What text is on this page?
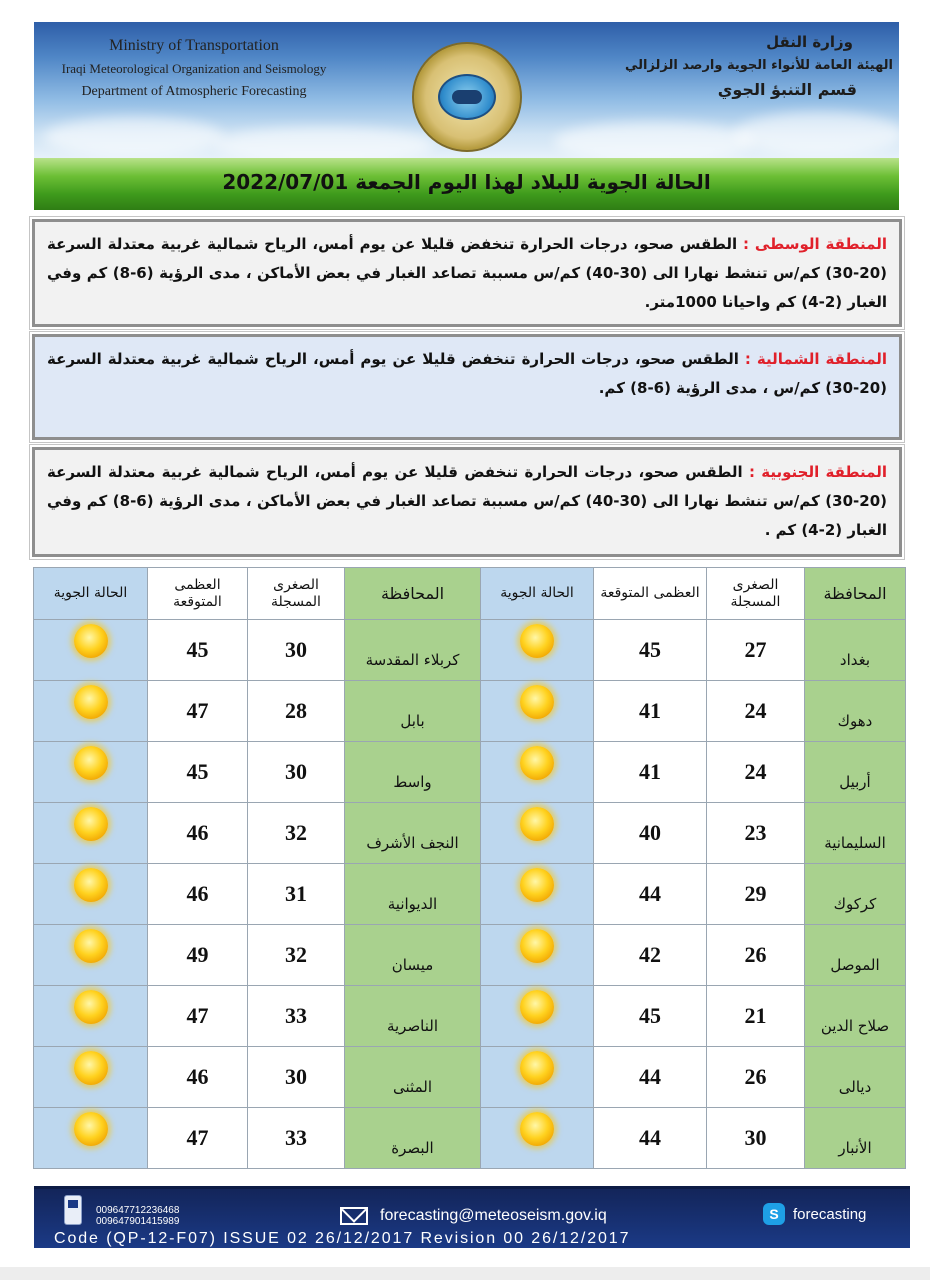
Ministry of Transportation
Iraqi Meteorological Organization and Seismology
Department of Atmospheric Forecasting
وزارة النقل
الهيئة العامة للأنواء الجوية وارصد الزلزالي
قسم التنبؤ الجوي
الحالة الجوية للبلاد لهذا اليوم الجمعة 2022/07/01
المنطقة الوسطى : الطقس صحو، درجات الحرارة تنخفض قليلا عن يوم أمس، الرياح شمالية غربية معتدلة السرعة (20-30) كم/س تنشط نهارا الى (30-40) كم/س مسببة تصاعد الغبار في بعض الأماكن ، مدى الرؤية (6-8) كم وفي الغبار (2-4) كم واحيانا 1000متر.
المنطقة الشمالية : الطقس صحو، درجات الحرارة تنخفض قليلا عن يوم أمس، الرياح شمالية غربية معتدلة السرعة (20-30) كم/س ، مدى الرؤية (6-8) كم.
المنطقة الجنوبية : الطقس صحو، درجات الحرارة تنخفض قليلا عن يوم أمس، الرياح شمالية غربية معتدلة السرعة (20-30) كم/س تنشط نهارا الى (30-40) كم/س مسببة تصاعد الغبار في بعض الأماكن ، مدى الرؤية (6-8) كم وفي الغبار (2-4) كم .
المحافظة	الصغرى المسجلة	العظمى المتوقعة	الحالة الجوية	المحافظة	الصغرى المسجلة	العظمى المتوقعة	الحالة الجوية
بغداد	27	45		كربلاء المقدسة	30	45	
دهوك	24	41		بابل	28	47	
أربيل	24	41		واسط	30	45	
السليمانية	23	40		النجف الأشرف	32	46	
كركوك	29	44		الديوانية	31	46	
الموصل	26	42		ميسان	32	49	
صلاح الدين	21	45		الناصرية	33	47	
ديالى	26	44		المثنى	30	46	
الأنبار	30	44		البصرة	33	47	
009647712236468
009647901415989	forecasting@meteoseism.gov.iq	S forecasting
Code (QP-12-F07) ISSUE 02 26/12/2017 Revision 00 26/12/2017
